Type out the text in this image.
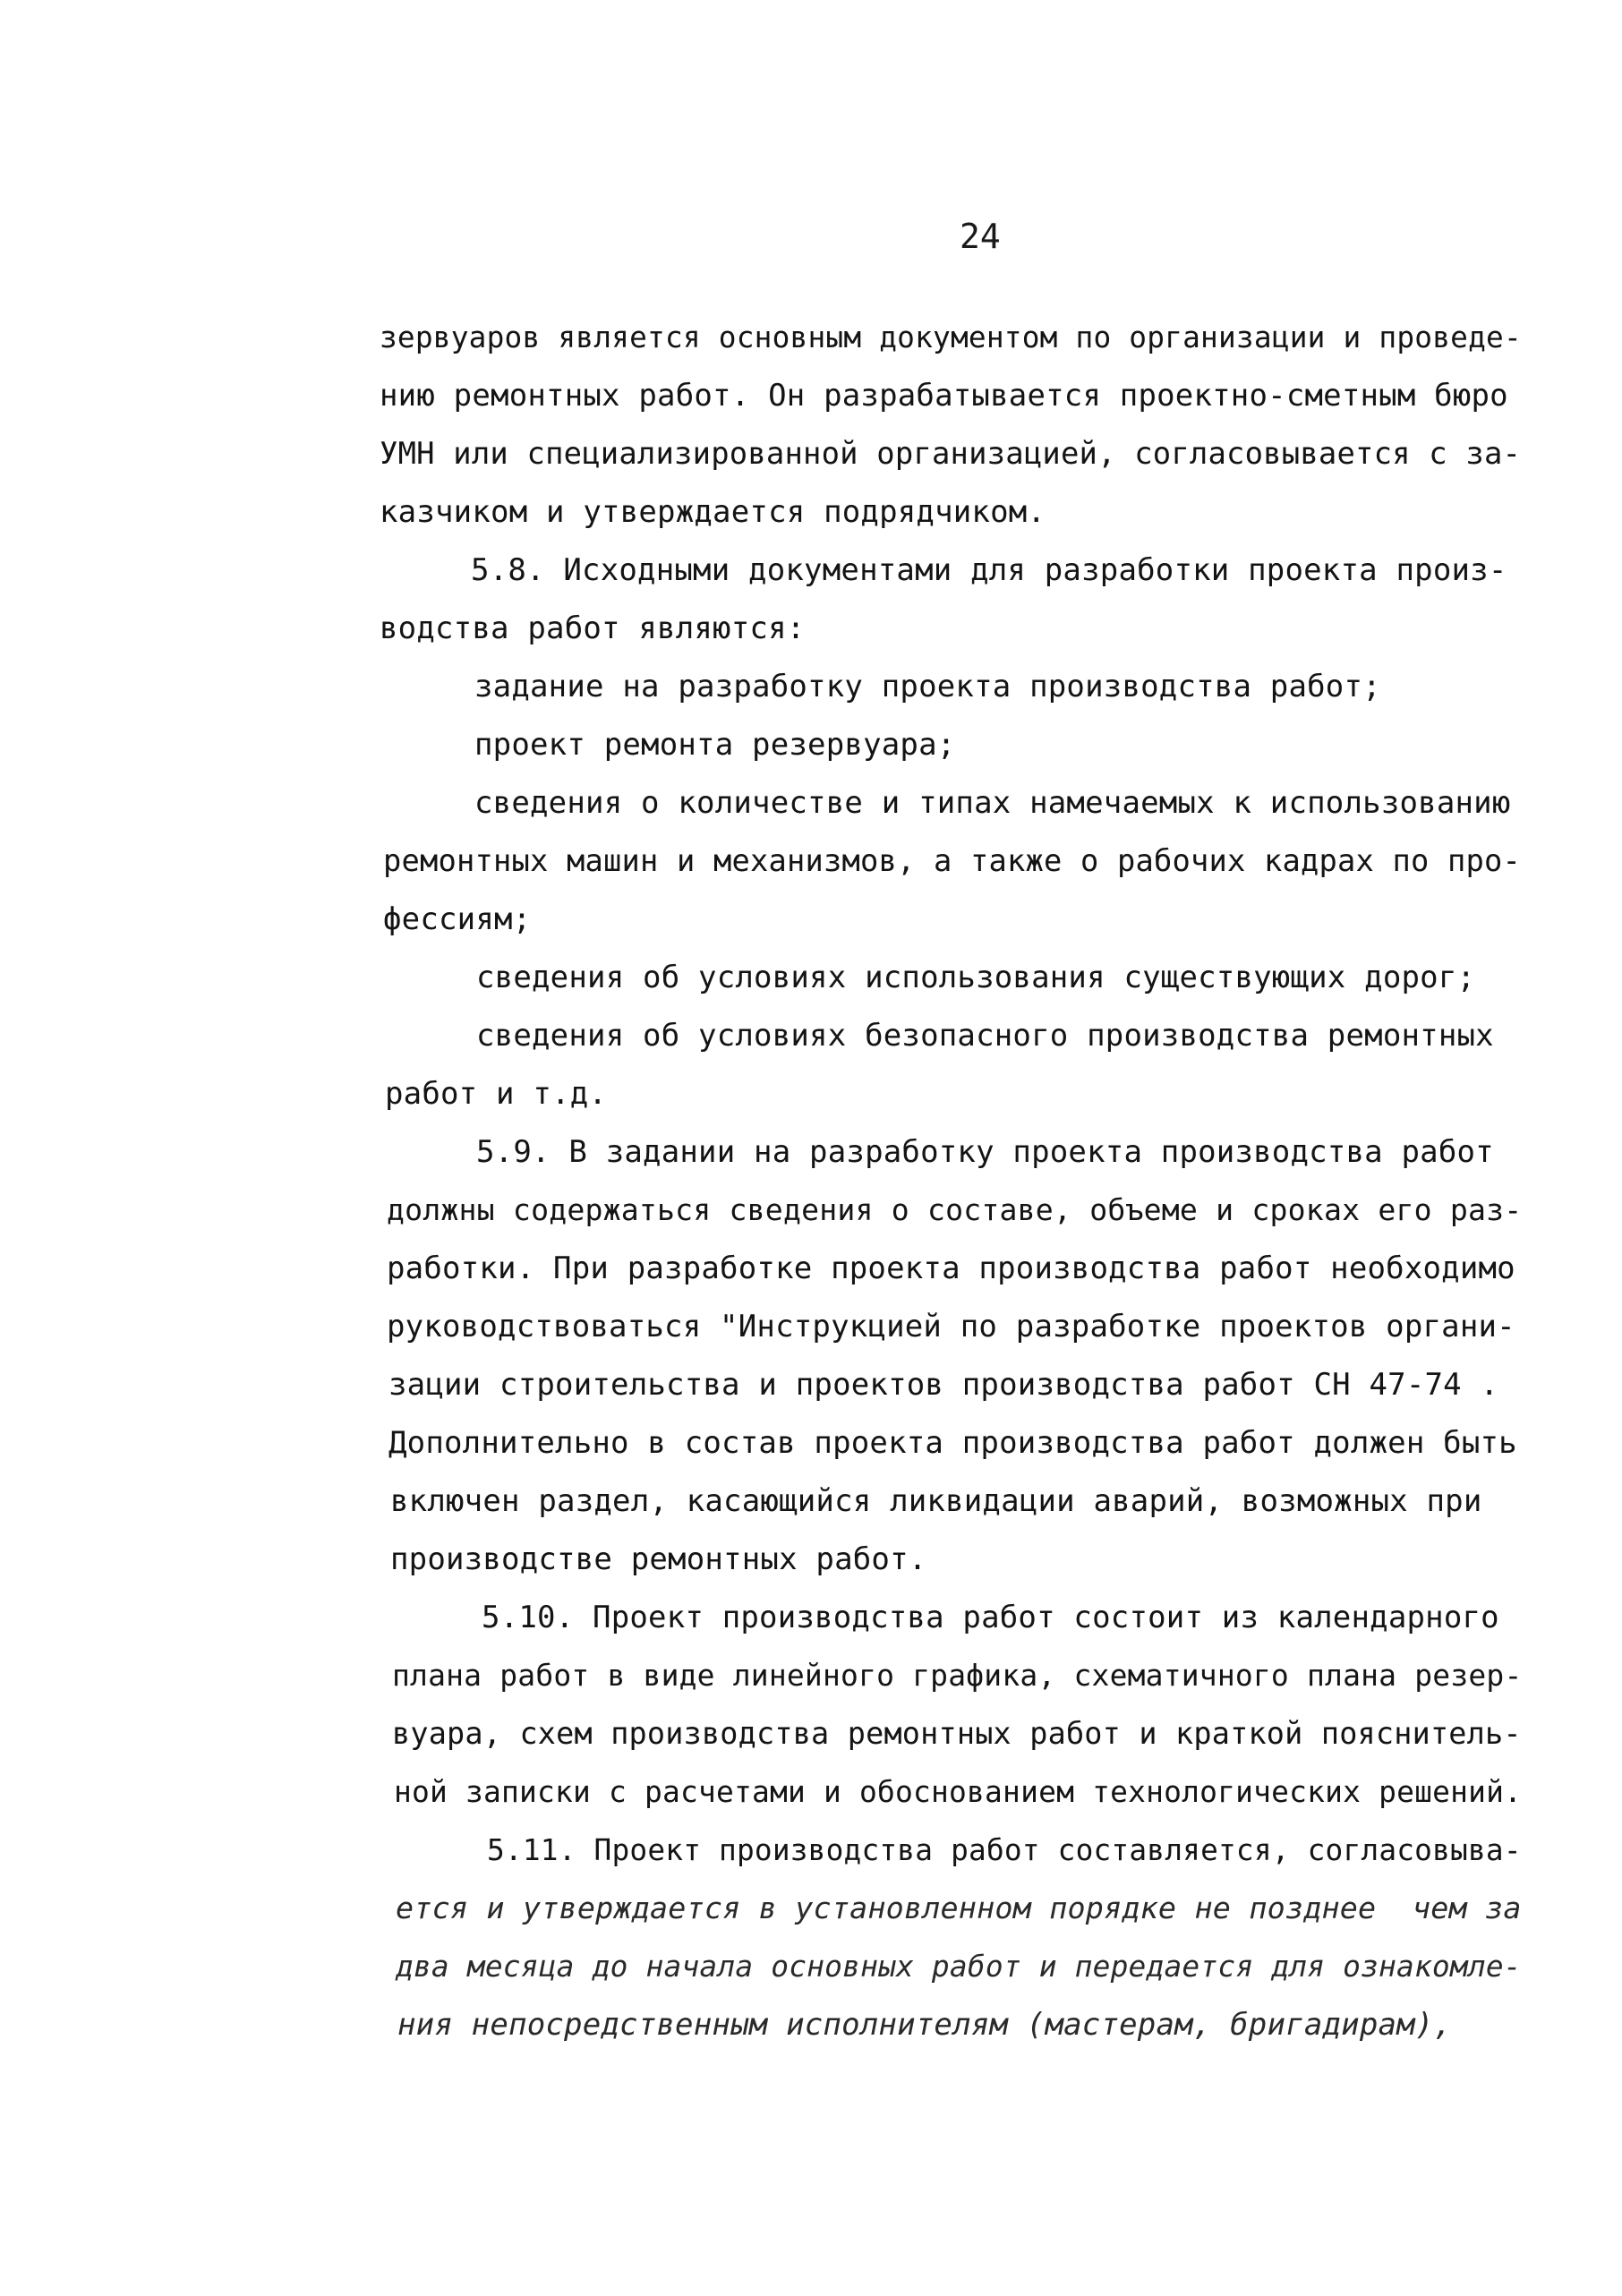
24
зервуаров является основным документом по организации и проведе-
нию ремонтных работ. Он разрабатывается проектно-сметным бюро
УМН или специализированной организацией, согласовывается с за-
казчиком и утверждается подрядчиком.
5.8. Исходными документами для разработки проекта произ-
водства работ являются:
задание на разработку проекта производства работ;
проект ремонта резервуара;
сведения о количестве и типах намечаемых к использованию
ремонтных машин и механизмов, а также о рабочих кадрах по про-
фессиям;
сведения об условиях использования существующих дорог;
сведения об условиях безопасного производства ремонтных
работ и т.д.
5.9. В задании на разработку проекта производства работ
должны содержаться сведения о составе, объеме и сроках его раз-
работки. При разработке проекта производства работ необходимо
руководствоваться "Инструкцией по разработке проектов органи-
зации строительства и проектов производства работ СН 47-74 .
Дополнительно в состав проекта производства работ должен быть
включен раздел, касающийся ликвидации аварий, возможных при
производстве ремонтных работ.
5.10. Проект производства работ состоит из календарного
плана работ в виде линейного графика, схематичного плана резер-
вуара, схем производства ремонтных работ и краткой пояснитель-
ной записки с расчетами и обоснованием технологических решений.
5.11. Проект производства работ составляется, согласовыва-
ется и утверждается в установленном порядке не позднее  чем за
два месяца до начала основных работ и передается для ознакомле-
ния непосредственным исполнителям (мастерам, бригадирам),
